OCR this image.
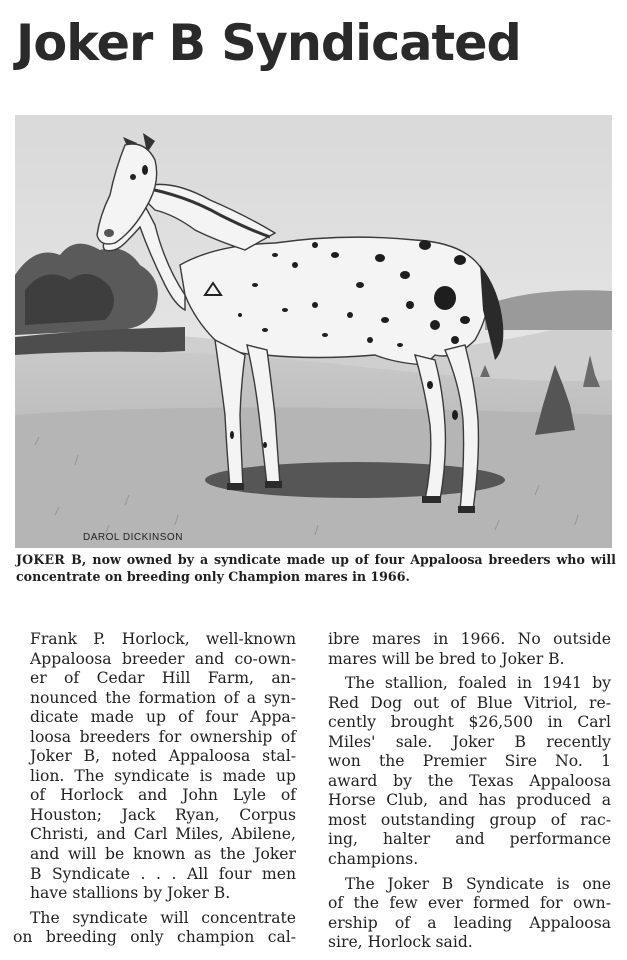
Joker B Syndicated
DAROL DICKINSON

JOKER B, now owned by a syndicate made up of four Appaloosa breeders who will concentrate on breeding only Champion mares in 1966.

Frank P. Horlock, well-known
Appaloosa breeder and co-own-
er of Cedar Hill Farm, an-
nounced the formation of a syn-
dicate made up of four Appa-
loosa breeders for ownership of
Joker B, noted Appaloosa stal-
lion. The syndicate is made up
of Horlock and John Lyle of
Houston; Jack Ryan, Corpus
Christi, and Carl Miles, Abilene,
and will be known as the Joker
B Syndicate . . . All four men
have stallions by Joker B.

The syndicate will concentrate
on breeding only champion cal-

ibre mares in 1966. No outside
mares will be bred to Joker B.

The stallion, foaled in 1941 by
Red Dog out of Blue Vitriol, re-
cently brought $26,500 in Carl
Miles' sale. Joker B recently
won the Premier Sire No. 1
award by the Texas Appaloosa
Horse Club, and has produced a
most outstanding group of rac-
ing, halter and performance
champions.

The Joker B Syndicate is one
of the few ever formed for own-
ership of a leading Appaloosa
sire, Horlock said.
